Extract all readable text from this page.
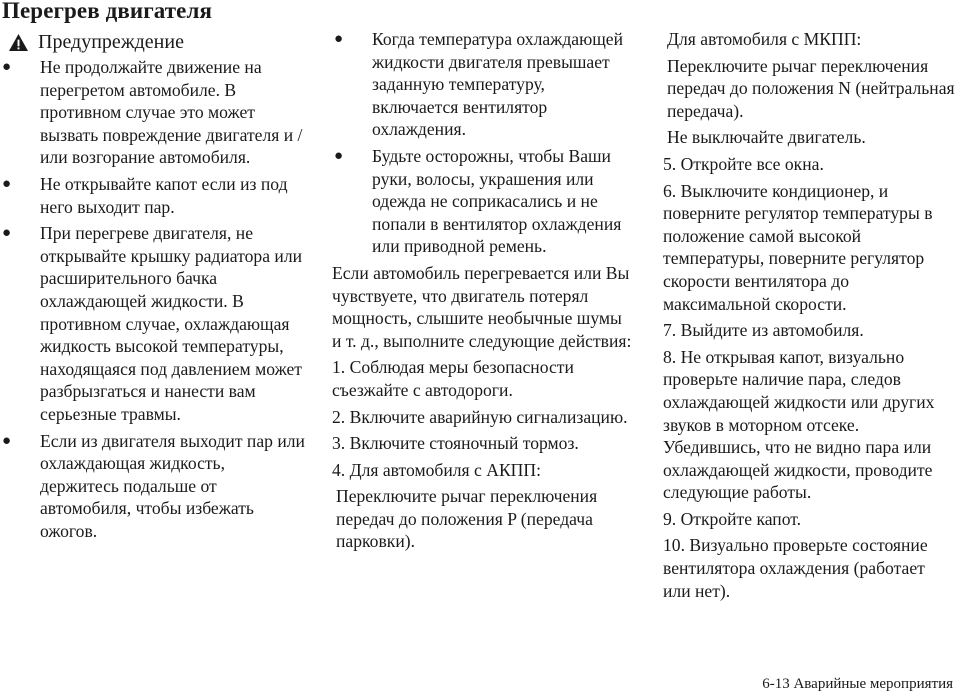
Перегрев двигателя
Предупреждение
● Не продолжайте движение на перегретом автомобиле. В противном случае это может вызвать повреждение двигателя и / или возгорание автомобиля.
● Не открывайте капот если из под него выходит пар.
● При перегреве двигателя, не открывайте крышку радиатора или расширительного бачка охлаждающей жидкости. В противном случае, охлаждающая жидкость высокой температуры, находящаяся под давлением может разбрызгаться и нанести вам серьезные травмы.
● Если из двигателя выходит пар или охлаждающая жидкость, держитесь подальше от автомобиля, чтобы избежать ожогов.
● Когда температура охлаждающей жидкости двигателя превышает заданную температуру, включается вентилятор охлаждения.
● Будьте осторожны, чтобы Ваши руки, волосы, украшения или одежда не соприкасались и не попали в вентилятор охлаждения или приводной ремень.
Если автомобиль перегревается или Вы чувствуете, что двигатель потерял мощность, слышите необычные шумы и т. д., выполните следующие действия:
1. Соблюдая меры безопасности съезжайте с автодороги.
2. Включите аварийную сигнализацию.
3. Включите стояночный тормоз.
4. Для автомобиля с АКПП:
Переключите рычаг переключения передач до положения P (передача парковки).
Для автомобиля с МКПП:
Переключите рычаг переключения передач до положения N (нейтральная передача).
Не выключайте двигатель.
5. Откройте все окна.
6. Выключите кондиционер, и поверните регулятор температуры в положение самой высокой температуры, поверните регулятор скорости вентилятора до максимальной скорости.
7. Выйдите из автомобиля.
8. Не открывая капот, визуально проверьте наличие пара, следов охлаждающей жидкости или других звуков в моторном отсеке. Убедившись, что не видно пара или охлаждающей жидкости, проводите следующие работы.
9. Откройте капот.
10. Визуально проверьте состояние вентилятора охлаждения (работает или нет).
6-13 Аварийные мероприятия
